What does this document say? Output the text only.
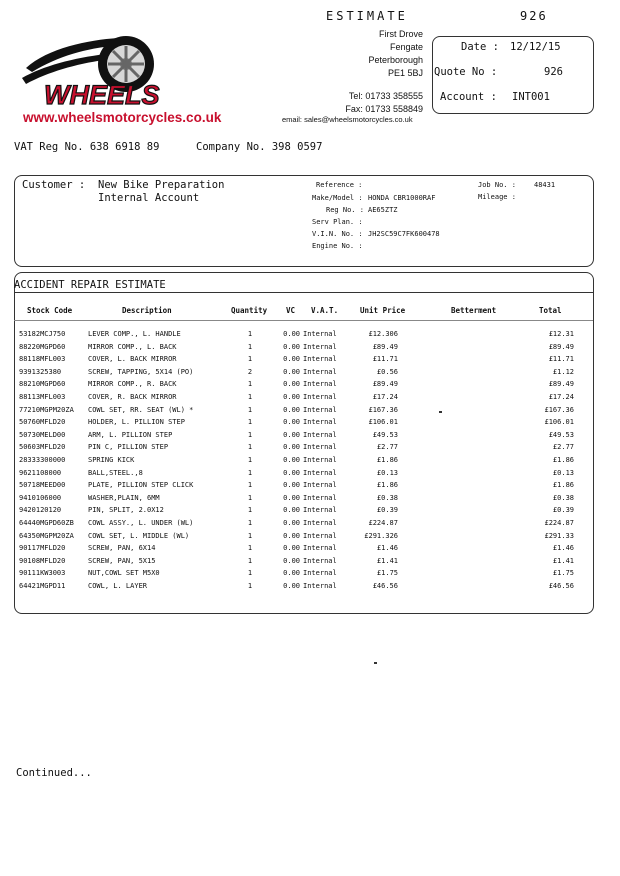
ESTIMATE	926
WHEELS
www.wheelsmotorcycles.co.uk
First Drove
Fengate
Peterborough
PE1 5BJ
Tel: 01733 358555
Fax: 01733 558849
email: sales@wheelsmotorcycles.co.uk
Date : 12/12/15
Quote No :	926
Account : INT001
VAT Reg No. 638 6918 89	Company No. 398 0597
Customer : New Bike Preparation
Internal Account
Reference :
Make/Model : HONDA CBR1000RAF
Reg No. : AE65ZTZ
Serv Plan. :
V.I.N. No. : JH2SC59C7FK600478
Engine No. :
Job No. :	48431
Mileage :
ACCIDENT REPAIR ESTIMATE
Stock Code	Description	Quantity	VC V.A.T.	Unit Price	Betterment	Total
53182MCJ750	LEVER COMP., L. HANDLE	1	0.00 Internal	£12.306	£12.31
88220MGPD60	MIRROR COMP., L. BACK	1	0.00 Internal	£89.49	£89.49
88118MFL003	COVER, L. BACK MIRROR	1	0.00 Internal	£11.71	£11.71
9391325380	SCREW, TAPPING, 5X14 (PO)	2	0.00 Internal	£0.56	£1.12
88210MGPD60	MIRROR COMP., R. BACK	1	0.00 Internal	£89.49	£89.49
88113MFL003	COVER, R. BACK MIRROR	1	0.00 Internal	£17.24	£17.24
77210MGPM20ZA	COWL SET, RR. SEAT (WL) *	1	0.00 Internal	£167.36	£167.36
50760MFLD20	HOLDER, L. PILLION STEP	1	0.00 Internal	£106.01	£106.01
50730MELD00	ARM, L. PILLION STEP	1	0.00 Internal	£49.53	£49.53
50603MFLD20	PIN C, PILLION STEP	1	0.00 Internal	£2.77	£2.77
28333300000	SPRING KICK	1	0.00 Internal	£1.86	£1.86
9621108000	BALL,STEEL.,8	1	0.00 Internal	£0.13	£0.13
50718MEED00	PLATE, PILLION STEP CLICK	1	0.00 Internal	£1.86	£1.86
9410106000	WASHER,PLAIN, 6MM	1	0.00 Internal	£0.38	£0.38
9420120120	PIN, SPLIT, 2.0X12	1	0.00 Internal	£0.39	£0.39
64440MGPD60ZB	COWL ASSY., L. UNDER (WL)	1	0.00 Internal	£224.87	£224.87
64350MGPM20ZA	COWL SET, L. MIDDLE (WL)	1	0.00 Internal	£291.326	£291.33
90117MFLD20	SCREW, PAN, 6X14	1	0.00 Internal	£1.46	£1.46
90108MFLD20	SCREW, PAN, 5X15	1	0.00 Internal	£1.41	£1.41
90111KW3003	NUT,COWL SET M5X0	1	0.00 Internal	£1.75	£1.75
64421MGPD11	COWL, L. LAYER	1	0.00 Internal	£46.56	£46.56
Continued...
